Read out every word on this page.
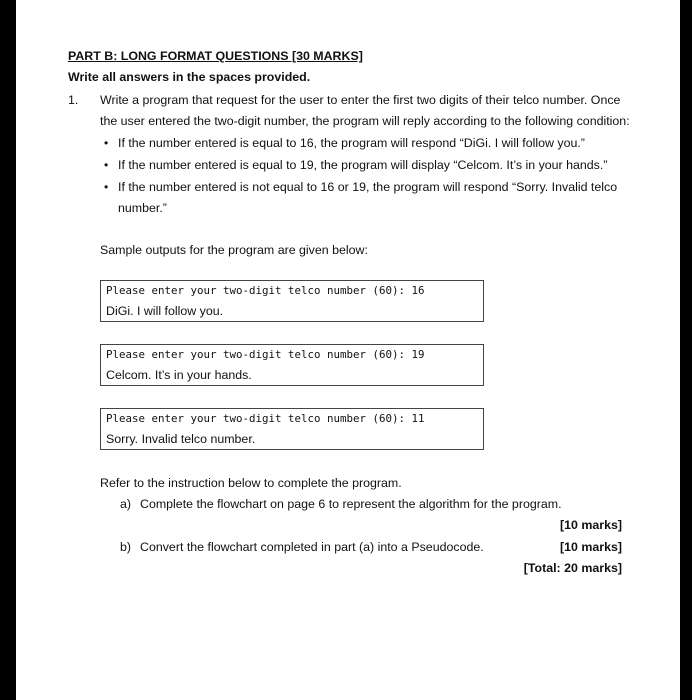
PART B: LONG FORMAT QUESTIONS [30 MARKS]
Write all answers in the spaces provided.
1. Write a program that request for the user to enter the first two digits of their telco number. Once
the user entered the two-digit number, the program will reply according to the following condition:
• If the number entered is equal to 16, the program will respond “DiGi. I will follow you.”
• If the number entered is equal to 19, the program will display “Celcom. It’s in your hands.”
• If the number entered is not equal to 16 or 19, the program will respond “Sorry. Invalid telco
number.”
Sample outputs for the program are given below:
Please enter your two-digit telco number (60): 16
DiGi. I will follow you.
Please enter your two-digit telco number (60): 19
Celcom. It’s in your hands.
Please enter your two-digit telco number (60): 11
Sorry. Invalid telco number.
Refer to the instruction below to complete the program.
a) Complete the flowchart on page 6 to represent the algorithm for the program.
[10 marks]
b) Convert the flowchart completed in part (a) into a Pseudocode.	[10 marks]
[Total: 20 marks]
